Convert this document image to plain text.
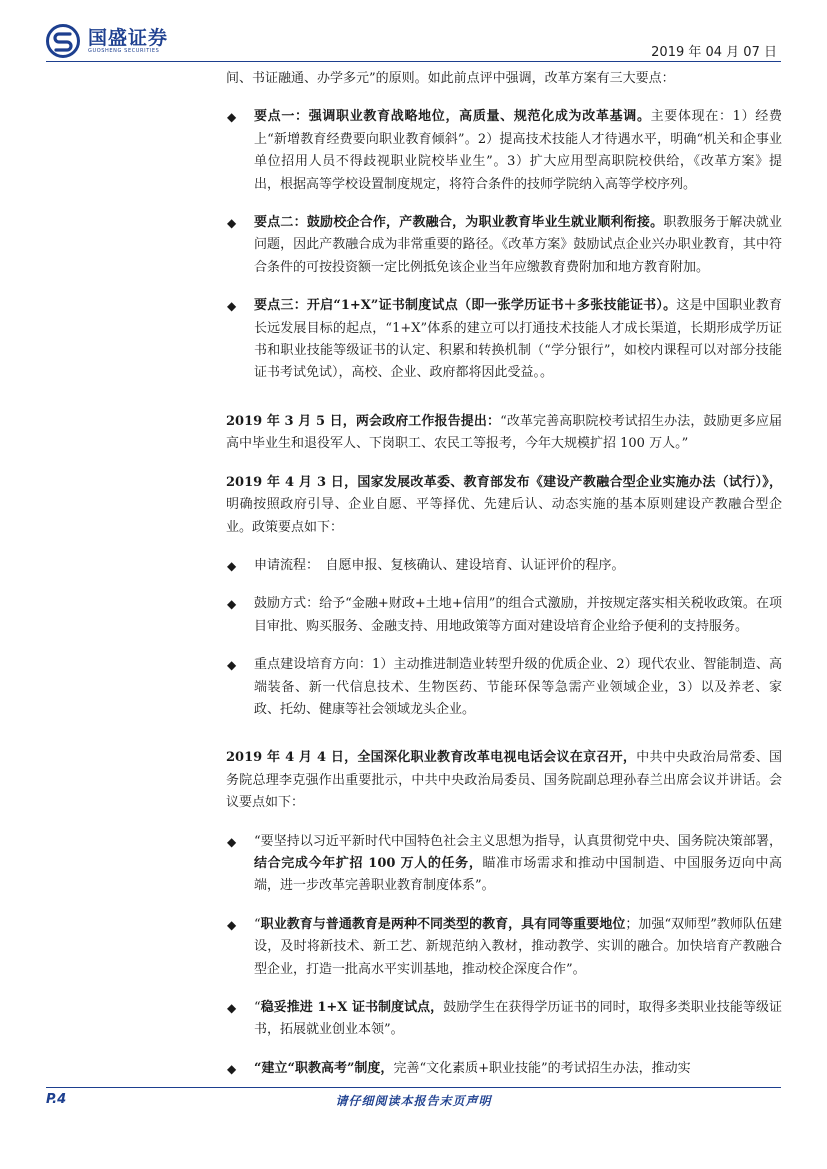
国盛证券
GUOSHENG SECURITIES	2019 年 04 月 07 日

间、书证融通、办学多元”的原则。如此前点评中强调，改革方案有三大要点：

◆ 要点一：强调职业教育战略地位，高质量、规范化成为改革基调。主要体现在：1）经费上“新增教育经费要向职业教育倾斜”。2）提高技术技能人才待遇水平，明确“机关和企事业单位招用人员不得歧视职业院校毕业生”。3）扩大应用型高职院校供给，《改革方案》提出，根据高等学校设置制度规定，将符合条件的技师学院纳入高等学校序列。

◆ 要点二：鼓励校企合作，产教融合，为职业教育毕业生就业顺利衔接。职教服务于解决就业问题，因此产教融合成为非常重要的路径。《改革方案》鼓励试点企业兴办职业教育，其中符合条件的可按投资额一定比例抵免该企业当年应缴教育费附加和地方教育附加。

◆ 要点三：开启“1+X”证书制度试点（即一张学历证书＋多张技能证书）。这是中国职业教育长远发展目标的起点，“1+X”体系的建立可以打通技术技能人才成长渠道，长期形成学历证书和职业技能等级证书的认定、积累和转换机制（“学分银行”，如校内课程可以对部分技能证书考试免试），高校、企业、政府都将因此受益。。

2019 年 3 月 5 日，两会政府工作报告提出：“改革完善高职院校考试招生办法，鼓励更多应届高中毕业生和退役军人、下岗职工、农民工等报考，今年大规模扩招 100 万人。”

2019 年 4 月 3 日，国家发展改革委、教育部发布《建设产教融合型企业实施办法（试行）》，明确按照政府引导、企业自愿、平等择优、先建后认、动态实施的基本原则建设产教融合型企业。政策要点如下：

◆ 申请流程：　自愿申报、复核确认、建设培育、认证评价的程序。

◆ 鼓励方式：给予“金融+财政+土地+信用”的组合式激励，并按规定落实相关税收政策。在项目审批、购买服务、金融支持、用地政策等方面对建设培育企业给予便利的支持服务。

◆ 重点建设培育方向：1）主动推进制造业转型升级的优质企业、2）现代农业、智能制造、高端装备、新一代信息技术、生物医药、节能环保等急需产业领域企业，3）以及养老、家政、托幼、健康等社会领域龙头企业。

2019 年 4 月 4 日，全国深化职业教育改革电视电话会议在京召开，中共中央政治局常委、国务院总理李克强作出重要批示，中共中央政治局委员、国务院副总理孙春兰出席会议并讲话。会议要点如下：

◆ “要坚持以习近平新时代中国特色社会主义思想为指导，认真贯彻党中央、国务院决策部署，结合完成今年扩招 100 万人的任务，瞄准市场需求和推动中国制造、中国服务迈向中高端，进一步改革完善职业教育制度体系”。

◆ “职业教育与普通教育是两种不同类型的教育，具有同等重要地位；加强“双师型”教师队伍建设，及时将新技术、新工艺、新规范纳入教材，推动教学、实训的融合。加快培育产教融合型企业，打造一批高水平实训基地，推动校企深度合作”。

◆ “稳妥推进 1+X 证书制度试点，鼓励学生在获得学历证书的同时，取得多类职业技能等级证书，拓展就业创业本领”。

◆ “建立“职教高考”制度，完善“文化素质+职业技能”的考试招生办法，推动实

P.4	请仔细阅读本报告末页声明
